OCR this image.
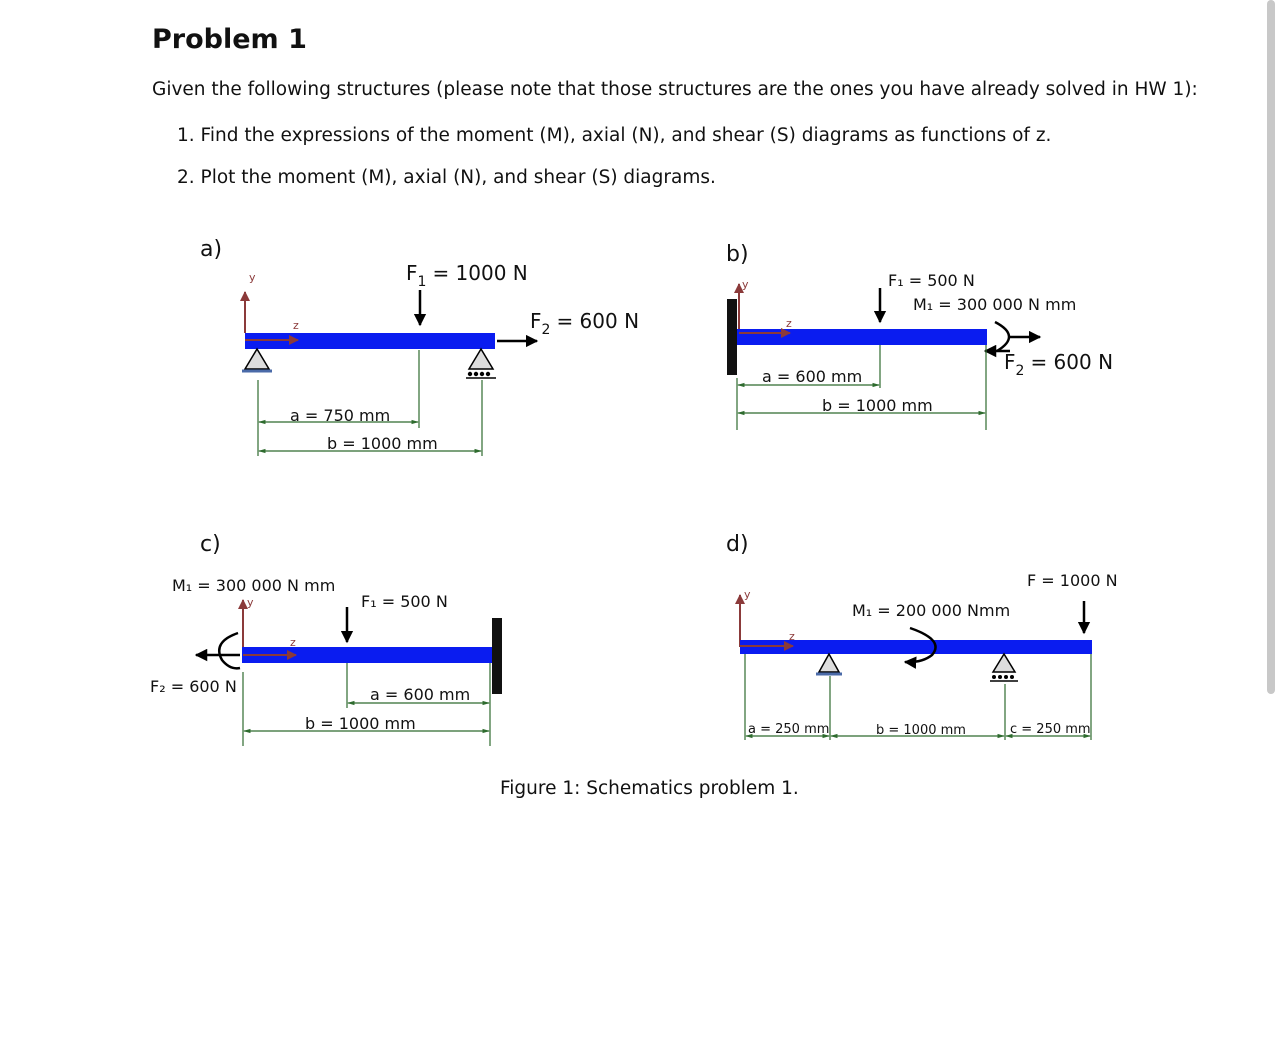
Problem 1

Given the following structures (please note that those structures are the ones you have already solved in HW 1):

1. Find the expressions of the moment (M), axial (N), and shear (S) diagrams as functions of z.

2. Plot the moment (M), axial (N), and shear (S) diagrams.

a)
y
z
$F_1 = 1000$ N
$F_2 = 600$ N
a = 750 mm
b = 1000 mm
b)
y
z
F₁ = 500 N
M₁ = 300 000 N mm
$F_2 = 600$ N
a = 600 mm
b = 1000 mm
c)
M₁ = 300 000 N mm
y
z
F₂ = 600 N
F₁ = 500 N
a = 600 mm
b = 1000 mm
d)
y
z
M₁ = 200 000 Nmm
F = 1000 N
a = 250 mm	b = 1000 mm	c = 250 mm

Figure 1: Schematics problem 1.
